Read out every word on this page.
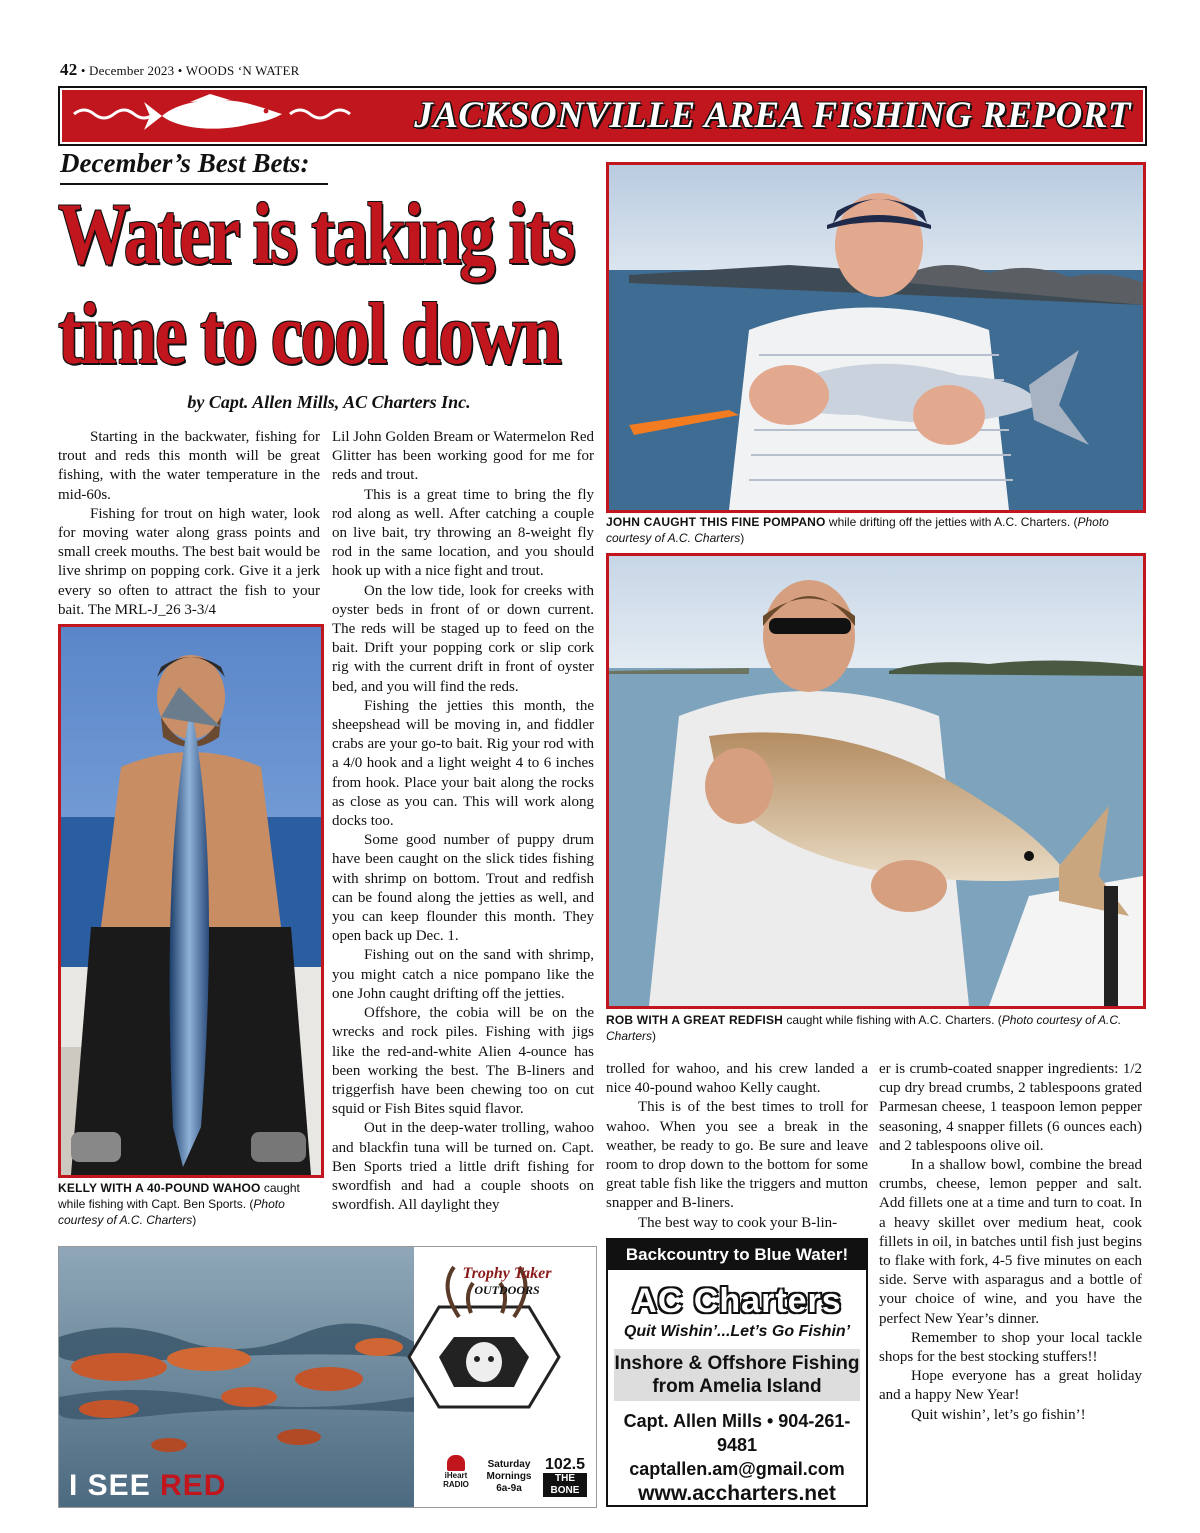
42 • December 2023 • WOODS ‘N WATER
JACKSONVILLE AREA FISHING REPORT
December’s Best Bets:
Water is taking its
time to cool down
by Capt. Allen Mills, AC Charters Inc.

Starting in the backwater, fishing for trout and reds this month will be great fishing, with the water temperature in the mid-60s.

Fishing for trout on high water, look for moving water along grass points and small creek mouths. The best bait would be live shrimp on popping cork. Give it a jerk every so often to attract the fish to your bait. The MRL-J_26 3-3/4

KELLY WITH A 40-POUND WAHOO caught while fishing with Capt. Ben Sports. (Photo courtesy of A.C. Charters)

Lil John Golden Bream or Watermelon Red Glitter has been working good for me for reds and trout.

This is a great time to bring the fly rod along as well. After catching a couple on live bait, try throwing an 8-weight fly rod in the same location, and you should hook up with a nice fight and trout.

On the low tide, look for creeks with oyster beds in front of or down current. The reds will be staged up to feed on the bait. Drift your popping cork or slip cork rig with the current drift in front of oyster bed, and you will find the reds.

Fishing the jetties this month, the sheepshead will be moving in, and fiddler crabs are your go-to bait. Rig your rod with a 4/0 hook and a light weight 4 to 6 inches from hook. Place your bait along the rocks as close as you can. This will work along docks too.

Some good number of puppy drum have been caught on the slick tides fishing with shrimp on bottom. Trout and redfish can be found along the jetties as well, and you can keep flounder this month. They open back up Dec. 1.

Fishing out on the sand with shrimp, you might catch a nice pompano like the one John caught drifting off the jetties.

Offshore, the cobia will be on the wrecks and rock piles. Fishing with jigs like the red-and-white Alien 4-ounce has been working the best. The B-liners and triggerfish have been chewing too on cut squid or Fish Bites squid flavor.

Out in the deep-water trolling, wahoo and blackfin tuna will be turned on. Capt. Ben Sports tried a little drift fishing for swordfish and had a couple shoots on swordfish. All daylight they

JOHN CAUGHT THIS FINE POMPANO while drifting off the jetties with A.C. Charters. (Photo courtesy of A.C. Charters)
ROB WITH A GREAT REDFISH caught while fishing with A.C. Charters. (Photo courtesy of A.C. Charters)

trolled for wahoo, and his crew landed a nice 40-pound wahoo Kelly caught.

This is of the best times to troll for wahoo. When you see a break in the weather, be ready to go. Be sure and leave room to drop down to the bottom for some great table fish like the triggers and mutton snapper and B-liners.

The best way to cook your B-lin-

er is crumb-coated snapper ingredients: 1/2 cup dry bread crumbs, 2 tablespoons grated Parmesan cheese, 1 teaspoon lemon pepper seasoning, 4 snapper fillets (6 ounces each) and 2 tablespoons olive oil.

In a shallow bowl, combine the bread crumbs, cheese, lemon pepper and salt. Add fillets one at a time and turn to coat. In a heavy skillet over medium heat, cook fillets in oil, in batches until fish just begins to flake with fork, 4-5 five minutes on each side. Serve with asparagus and a bottle of your choice of wine, and you have the perfect New Year’s dinner.

Remember to shop your local tackle shops for the best stocking stuffers!!

Hope everyone has a great holiday and a happy New Year!

Quit wishin’, let’s go fishin’!

Backcountry to Blue Water!
AC Charters
Quit Wishin’...Let’s Go Fishin’
Inshore & Offshore Fishing
from Amelia Island
Capt. Allen Mills • 904-261-9481
captallen.am@gmail.com
www.accharters.net
Trophy Taker
OUTDOORS
iHeart RADIO
Saturday
Mornings
6a-9a
102.5
THE BONE
I SEE RED
